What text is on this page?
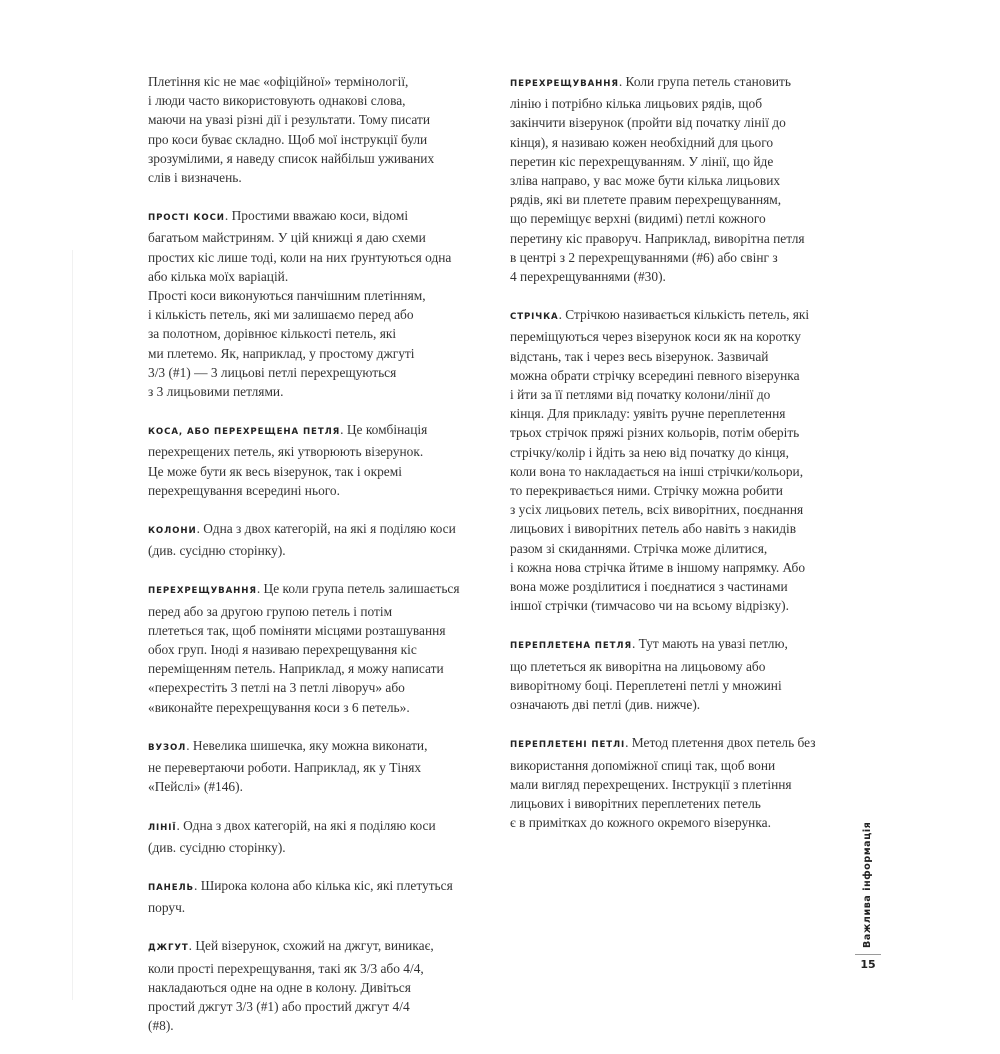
Плетіння кіс не має «офіційної» термінології,
і люди часто використовують однакові слова,
маючи на увазі різні дії і результати. Тому писати
про коси буває складно. Щоб мої інструкції були
зрозумілими, я наведу список найбільш уживаних
слів і визначень.

ПРОСТІ КОСИ. Простими вважаю коси, відомі
багатьом майстриням. У цій книжці я даю схеми
простих кіс лише тоді, коли на них ґрунтуються одна
або кілька моїх варіацій.

Прості коси виконуються панчішним плетінням,
і кількість петель, які ми залишаємо перед або
за полотном, дорівнює кількості петель, які
ми плетемо. Як, наприклад, у простому джгуті
3/3 (#1) — 3 лицьові петлі перехрещуються
з 3 лицьовими петлями.

КОСА, АБО ПЕРЕХРЕЩЕНА ПЕТЛЯ. Це комбінація
перехрещених петель, які утворюють візерунок.
Це може бути як весь візерунок, так і окремі
перехрещування всередині нього.

КОЛОНИ. Одна з двох категорій, на які я поділяю коси
(див. сусідню сторінку).

ПЕРЕХРЕЩУВАННЯ. Це коли група петель залишається
перед або за другою групою петель і потім
плететься так, щоб поміняти місцями розташування
обох груп. Іноді я називаю перехрещування кіс
переміщенням петель. Наприклад, я можу написати
«перехрестіть 3 петлі на 3 петлі ліворуч» або
«виконайте перехрещування коси з 6 петель».

ВУЗОЛ. Невелика шишечка, яку можна виконати,
не перевертаючи роботи. Наприклад, як у Тінях
«Пейслі» (#146).

ЛІНІЇ. Одна з двох категорій, на які я поділяю коси
(див. сусідню сторінку).

ПАНЕЛЬ. Широка колона або кілька кіс, які плетуться
поруч.

ДЖГУТ. Цей візерунок, схожий на джгут, виникає,
коли прості перехрещування, такі як 3/3 або 4/4,
накладаються одне на одне в колону. Дивіться
простий джгут 3/3 (#1) або простий джгут 4/4
(#8).

ПЕРЕХРЕЩУВАННЯ. Коли група петель становить
лінію і потрібно кілька лицьових рядів, щоб
закінчити візерунок (пройти від початку лінії до
кінця), я називаю кожен необхідний для цього
перетин кіс перехрещуванням. У лінії, що йде
зліва направо, у вас може бути кілька лицьових
рядів, які ви плетете правим перехрещуванням,
що переміщує верхні (видимі) петлі кожного
перетину кіс праворуч. Наприклад, виворітна петля
в центрі з 2 перехрещуваннями (#6) або свінг з
4 перехрещуваннями (#30).

СТРІЧКА. Стрічкою називається кількість петель, які
переміщуються через візерунок коси як на коротку
відстань, так і через весь візерунок. Зазвичай
можна обрати стрічку всередині певного візерунка
і йти за її петлями від початку колони/лінії до
кінця. Для прикладу: уявіть ручне переплетення
трьох стрічок пряжі різних кольорів, потім оберіть
стрічку/колір і йдіть за нею від початку до кінця,
коли вона то накладається на інші стрічки/кольори,
то перекривається ними. Стрічку можна робити
з усіх лицьових петель, всіх виворітних, поєднання
лицьових і виворітних петель або навіть з накидів
разом зі скиданнями. Стрічка може ділитися,
і кожна нова стрічка йтиме в іншому напрямку. Або
вона може розділитися і поєднатися з частинами
іншої стрічки (тимчасово чи на всьому відрізку).

ПЕРЕПЛЕТЕНА ПЕТЛЯ. Тут мають на увазі петлю,
що плететься як виворітна на лицьовому або
виворітному боці. Переплетені петлі у множині
означають дві петлі (див. нижче).

ПЕРЕПЛЕТЕНІ ПЕТЛІ. Метод плетення двох петель без
використання допоміжної спиці так, щоб вони
мали вигляд перехрещених. Інструкції з плетіння
лицьових і виворітних переплетених петель
є в примітках до кожного окремого візерунка.	Важлива інформація
15
